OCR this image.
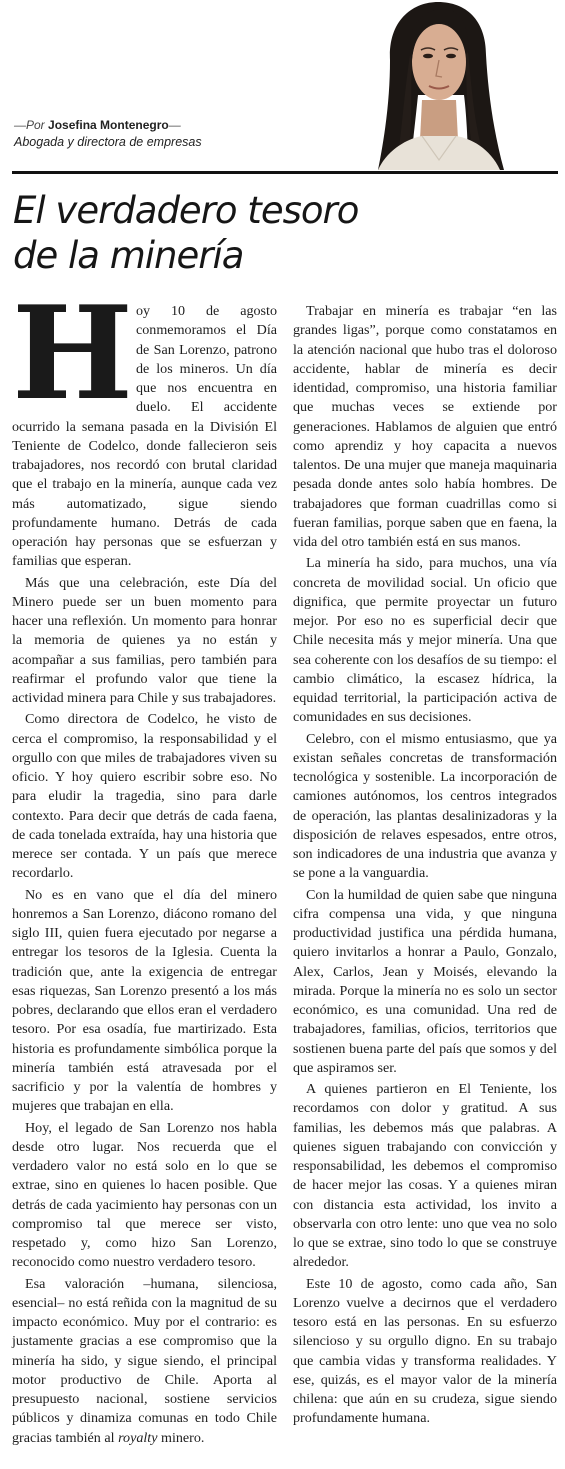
—Por Josefina Montenegro—
Abogada y directora de empresas
El verdadero tesoro
de la minería

Hoy 10 de agosto conmemoramos el Día de San Lorenzo, patrono de los mineros. Un día que nos encuentra en duelo. El accidente ocurrido la semana pasada en la División El Teniente de Codelco, donde fallecieron seis trabajadores, nos recordó con brutal claridad que el trabajo en la minería, aunque cada vez más automatizado, sigue siendo profundamente humano. Detrás de cada operación hay personas que se esfuerzan y familias que esperan.

Más que una celebración, este Día del Minero puede ser un buen momento para hacer una reflexión. Un momento para honrar la memoria de quienes ya no están y acompañar a sus familias, pero también para reafirmar el profundo valor que tiene la actividad minera para Chile y sus trabajadores.

Como directora de Codelco, he visto de cerca el compromiso, la responsabilidad y el orgullo con que miles de trabajadores viven su oficio. Y hoy quiero escribir sobre eso. No para eludir la tragedia, sino para darle contexto. Para decir que detrás de cada faena, de cada tonelada extraída, hay una historia que merece ser contada. Y un país que merece recordarlo.

No es en vano que el día del minero honremos a San Lorenzo, diácono romano del siglo III, quien fuera ejecutado por negarse a entregar los tesoros de la Iglesia. Cuenta la tradición que, ante la exigencia de entregar esas riquezas, San Lorenzo presentó a los más pobres, declarando que ellos eran el verdadero tesoro. Por esa osadía, fue martirizado. Esta historia es profundamente simbólica porque la minería también está atravesada por el sacrificio y por la valentía de hombres y mujeres que trabajan en ella.

Hoy, el legado de San Lorenzo nos habla desde otro lugar. Nos recuerda que el verdadero valor no está solo en lo que se extrae, sino en quienes lo hacen posible. Que detrás de cada yacimiento hay personas con un compromiso tal que merece ser visto, respetado y, como hizo San Lorenzo, reconocido como nuestro verdadero tesoro.

Esa valoración –humana, silenciosa, esencial– no está reñida con la magnitud de su impacto económico. Muy por el contrario: es justamente gracias a ese compromiso que la minería ha sido, y sigue siendo, el principal motor productivo de Chile. Aporta al presupuesto nacional, sostiene servicios públicos y dinamiza comunas en todo Chile gracias también al royalty minero.

Trabajar en minería es trabajar “en las grandes ligas”, porque como constatamos en la atención nacional que hubo tras el doloroso accidente, hablar de minería es decir identidad, compromiso, una historia familiar que muchas veces se extiende por generaciones. Hablamos de alguien que entró como aprendiz y hoy capacita a nuevos talentos. De una mujer que maneja maquinaria pesada donde antes solo había hombres. De trabajadores que forman cuadrillas como si fueran familias, porque saben que en faena, la vida del otro también está en sus manos.

La minería ha sido, para muchos, una vía concreta de movilidad social. Un oficio que dignifica, que permite proyectar un futuro mejor. Por eso no es superficial decir que Chile necesita más y mejor minería. Una que sea coherente con los desafíos de su tiempo: el cambio climático, la escasez hídrica, la equidad territorial, la participación activa de comunidades en sus decisiones.

Celebro, con el mismo entusiasmo, que ya existan señales concretas de transformación tecnológica y sostenible. La incorporación de camiones autónomos, los centros integrados de operación, las plantas desalinizadoras y la disposición de relaves espesados, entre otros, son indicadores de una industria que avanza y se pone a la vanguardia.

Con la humildad de quien sabe que ninguna cifra compensa una vida, y que ninguna productividad justifica una pérdida humana, quiero invitarlos a honrar a Paulo, Gonzalo, Alex, Carlos, Jean y Moisés, elevando la mirada. Porque la minería no es solo un sector económico, es una comunidad. Una red de trabajadores, familias, oficios, territorios que sostienen buena parte del país que somos y del que aspiramos ser.

A quienes partieron en El Teniente, los recordamos con dolor y gratitud. A sus familias, les debemos más que palabras. A quienes siguen trabajando con convicción y responsabilidad, les debemos el compromiso de hacer mejor las cosas. Y a quienes miran con distancia esta actividad, los invito a observarla con otro lente: uno que vea no solo lo que se extrae, sino todo lo que se construye alrededor.

Este 10 de agosto, como cada año, San Lorenzo vuelve a decirnos que el verdadero tesoro está en las personas. En su esfuerzo silencioso y su orgullo digno. En su trabajo que cambia vidas y transforma realidades. Y ese, quizás, es el mayor valor de la minería chilena: que aún en su crudeza, sigue siendo profundamente humana.
